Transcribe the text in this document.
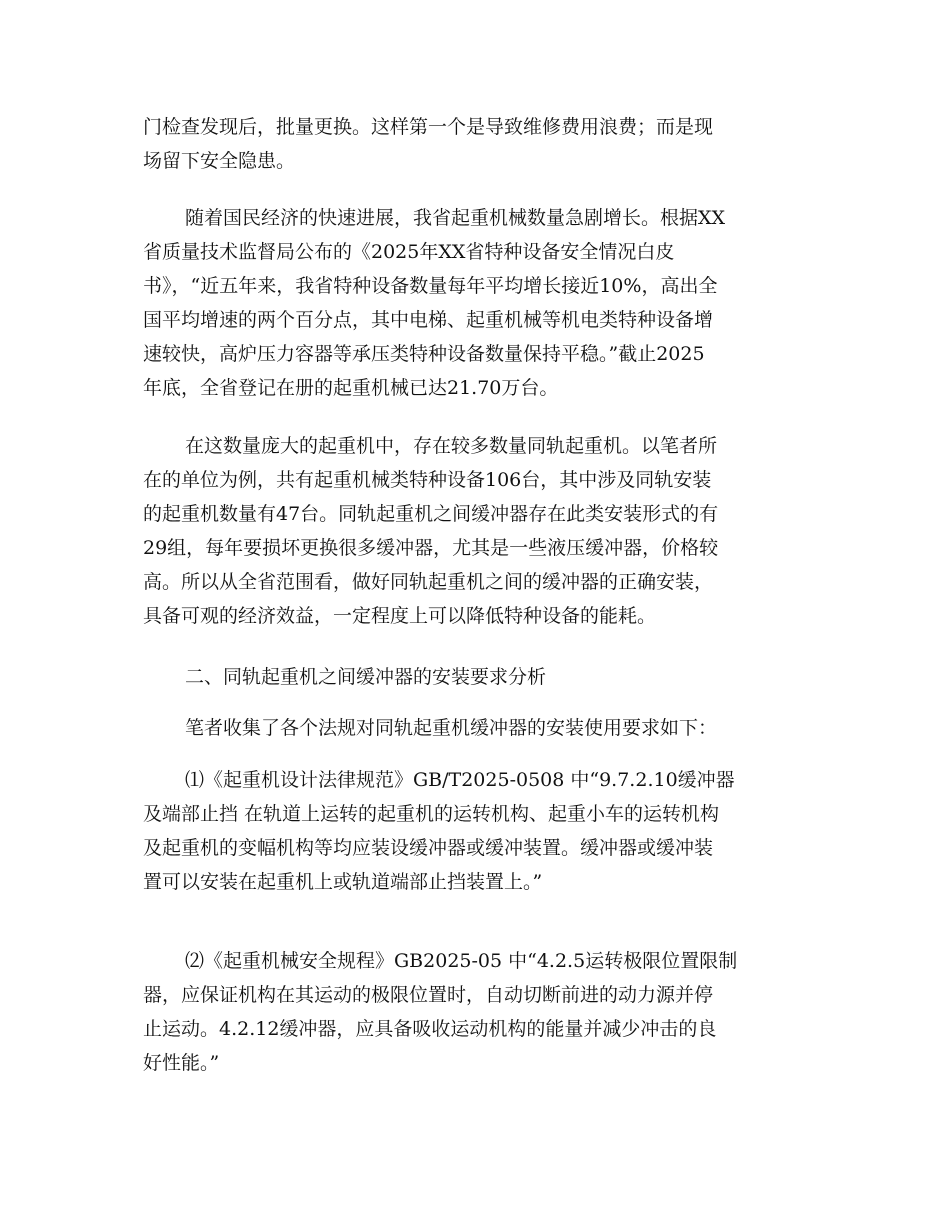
门检查发现后，批量更换。这样第一个是导致维修费用浪费；而是现
场留下安全隐患。
随着国民经济的快速进展，我省起重机械数量急剧增长。根据XX
省质量技术监督局公布的《2025年XX省特种设备安全情况白皮
书》，“近五年来，我省特种设备数量每年平均增长接近10%，高出全
国平均增速的两个百分点，其中电梯、起重机械等机电类特种设备增
速较快，高炉压力容器等承压类特种设备数量保持平稳。”截止2025
年底，全省登记在册的起重机械已达21.70万台。
在这数量庞大的起重机中，存在较多数量同轨起重机。以笔者所
在的单位为例，共有起重机械类特种设备106台，其中涉及同轨安装
的起重机数量有47台。同轨起重机之间缓冲器存在此类安装形式的有
29组，每年要损坏更换很多缓冲器，尤其是一些液压缓冲器，价格较
高。所以从全省范围看，做好同轨起重机之间的缓冲器的正确安装，
具备可观的经济效益，一定程度上可以降低特种设备的能耗。
二、同轨起重机之间缓冲器的安装要求分析
笔者收集了各个法规对同轨起重机缓冲器的安装使用要求如下：
⑴《起重机设计法律规范》GB/T2025-0508 中“9.7.2.10缓冲器
及端部止挡 在轨道上运转的起重机的运转机构、起重小车的运转机构
及起重机的变幅机构等均应装设缓冲器或缓冲装置。缓冲器或缓冲装
置可以安装在起重机上或轨道端部止挡装置上。”
⑵《起重机械安全规程》GB2025-05 中“4.2.5运转极限位置限制
器，应保证机构在其运动的极限位置时，自动切断前进的动力源并停
止运动。4.2.12缓冲器，应具备吸收运动机构的能量并减少冲击的良
好性能。”
